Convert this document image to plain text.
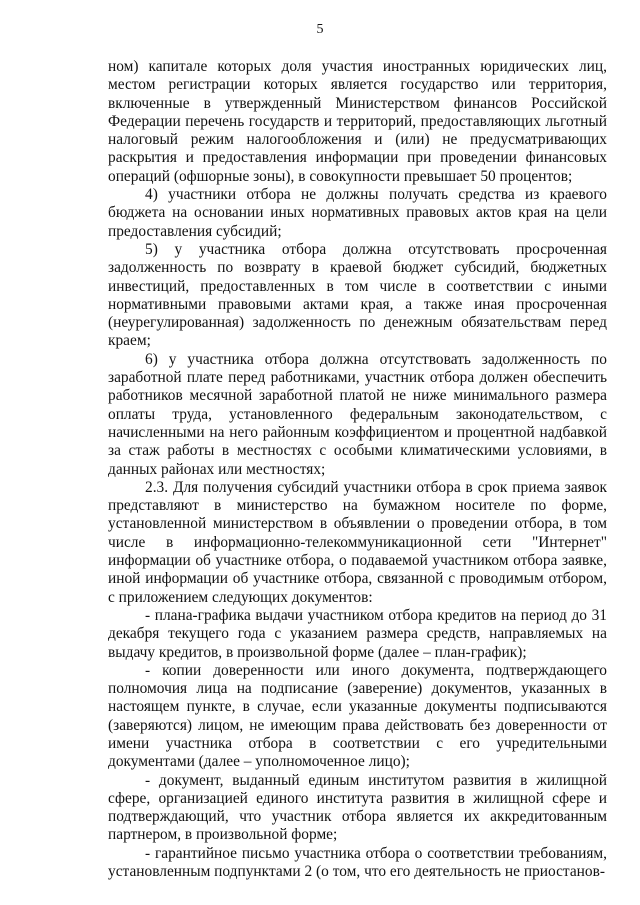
5

ном) капитале которых доля участия иностранных юридических лиц, местом регистрации которых является государство или территория, включенные в утвержденный Министерством финансов Российской Федерации перечень государств и территорий, предоставляющих льготный налоговый режим налогообложения и (или) не предусматривающих раскрытия и предоставления информации при проведении финансовых операций (офшорные зоны), в совокупности превышает 50 процентов;

4) участники отбора не должны получать средства из краевого бюджета на основании иных нормативных правовых актов края на цели предоставления субсидий;

5) у участника отбора должна отсутствовать просроченная задолженность по возврату в краевой бюджет субсидий, бюджетных инвестиций, предоставленных в том числе в соответствии с иными нормативными правовыми актами края, а также иная просроченная (неурегулированная) задолженность по денежным обязательствам перед краем;

6) у участника отбора должна отсутствовать задолженность по заработной плате перед работниками, участник отбора должен обеспечить работников месячной заработной платой не ниже минимального размера оплаты труда, установленного федеральным законодательством, с начисленными на него районным коэффициентом и процентной надбавкой за стаж работы в местностях с особыми климатическими условиями, в данных районах или местностях;

2.3. Для получения субсидий участники отбора в срок приема заявок представляют в министерство на бумажном носителе по форме, установленной министерством в объявлении о проведении отбора, в том числе в информационно-телекоммуникационной сети "Интернет" информации об участнике отбора, о подаваемой участником отбора заявке, иной информации об участнике отбора, связанной с проводимым отбором, с приложением следующих документов:

- плана-графика выдачи участником отбора кредитов на период до 31 декабря текущего года с указанием размера средств, направляемых на выдачу кредитов, в произвольной форме (далее – план-график);

- копии доверенности или иного документа, подтверждающего полномочия лица на подписание (заверение) документов, указанных в настоящем пункте, в случае, если указанные документы подписываются (заверяются) лицом, не имеющим права действовать без доверенности от имени участника отбора в соответствии с его учредительными документами (далее – уполномоченное лицо);

- документ, выданный единым институтом развития в жилищной сфере, организацией единого института развития в жилищной сфере и подтверждающий, что участник отбора является их аккредитованным партнером, в произвольной форме;

- гарантийное письмо участника отбора о соответствии требованиям, установленным подпунктами 2 (о том, что его деятельность не приостанов-
